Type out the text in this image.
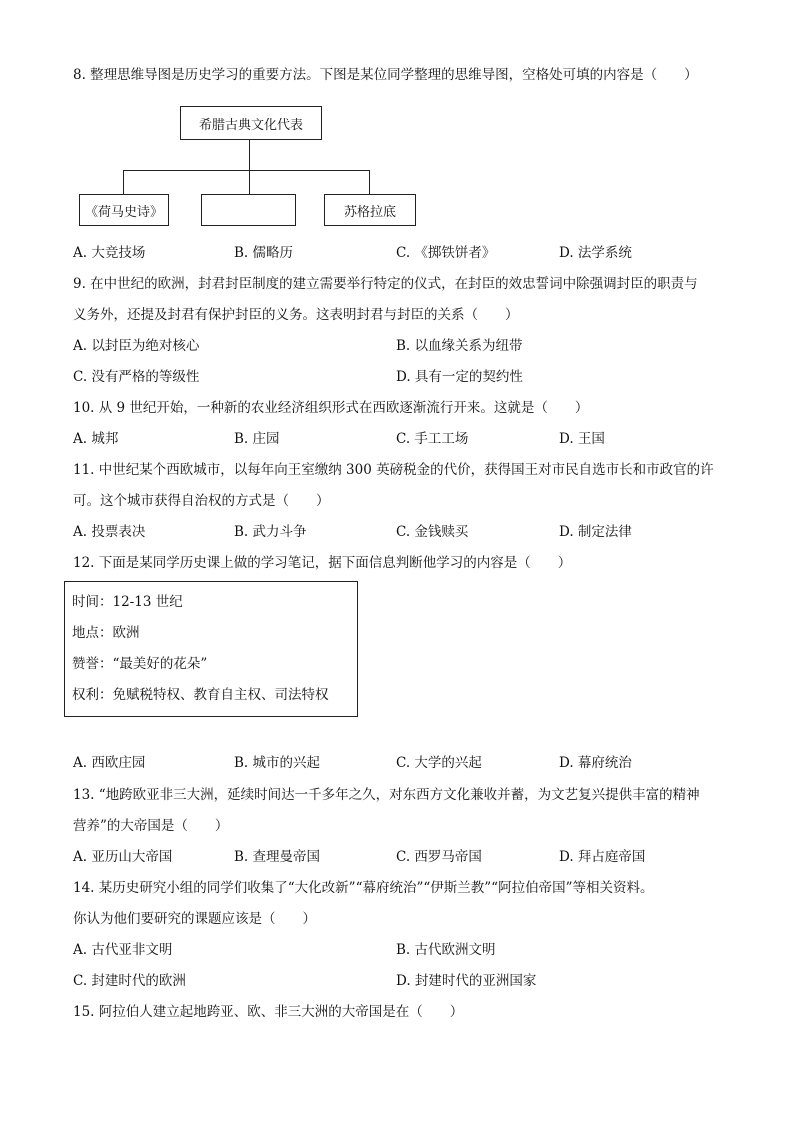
8. 整理思维导图是历史学习的重要方法。下图是某位同学整理的思维导图，空格处可填的内容是（　　）
希腊古典文化代表
《荷马史诗》	苏格拉底
A. 大竞技场	B. 儒略历	C. 《掷铁饼者》	D. 法学系统
9. 在中世纪的欧洲，封君封臣制度的建立需要举行特定的仪式，在封臣的效忠誓词中除强调封臣的职责与
义务外，还提及封君有保护封臣的义务。这表明封君与封臣的关系（　　）
A. 以封臣为绝对核心	B. 以血缘关系为纽带
C. 没有严格的等级性	D. 具有一定的契约性
10. 从 9 世纪开始，一种新的农业经济组织形式在西欧逐渐流行开来。这就是（　　）
A. 城邦	B. 庄园	C. 手工工场	D. 王国
11. 中世纪某个西欧城市，以每年向王室缴纳 300 英磅税金的代价，获得国王对市民自选市长和市政官的许
可。这个城市获得自治权的方式是（　　）
A. 投票表决	B. 武力斗争	C. 金钱赎买	D. 制定法律
12. 下面是某同学历史课上做的学习笔记，据下面信息判断他学习的内容是（　　）
时间：12-13 世纪
地点：欧洲
赞誉：“最美好的花朵”
权利：免赋税特权、教育自主权、司法特权
A. 西欧庄园	B. 城市的兴起	C. 大学的兴起	D. 幕府统治
13. “地跨欧亚非三大洲，延续时间达一千多年之久，对东西方文化兼收并蓄，为文艺复兴提供丰富的精神
营养”的大帝国是（　　）
A. 亚历山大帝国	B. 查理曼帝国	C. 西罗马帝国	D. 拜占庭帝国
14. 某历史研究小组的同学们收集了“大化改新”“幕府统治”“伊斯兰教”“阿拉伯帝国”等相关资料。
你认为他们要研究的课题应该是（　　）
A. 古代亚非文明	B. 古代欧洲文明
C. 封建时代的欧洲	D. 封建时代的亚洲国家
15. 阿拉伯人建立起地跨亚、欧、非三大洲的大帝国是在（　　）
